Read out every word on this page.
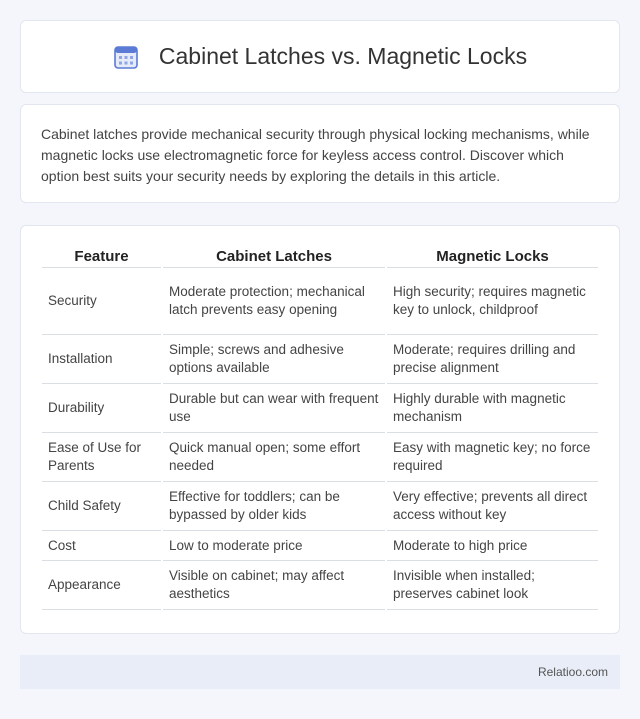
Cabinet Latches vs. Magnetic Locks

Cabinet latches provide mechanical security through physical locking mechanisms, while magnetic locks use electromagnetic force for keyless access control. Discover which option best suits your security needs by exploring the details in this article.

Feature	Cabinet Latches	Magnetic Locks
Security	Moderate protection; mechanical latch prevents easy opening	High security; requires magnetic key to unlock, childproof
Installation	Simple; screws and adhesive options available	Moderate; requires drilling and precise alignment
Durability	Durable but can wear with frequent use	Highly durable with magnetic mechanism
Ease of Use for Parents	Quick manual open; some effort needed	Easy with magnetic key; no force required
Child Safety	Effective for toddlers; can be bypassed by older kids	Very effective; prevents all direct access without key
Cost	Low to moderate price	Moderate to high price
Appearance	Visible on cabinet; may affect aesthetics	Invisible when installed; preserves cabinet look
Relatioo.com
